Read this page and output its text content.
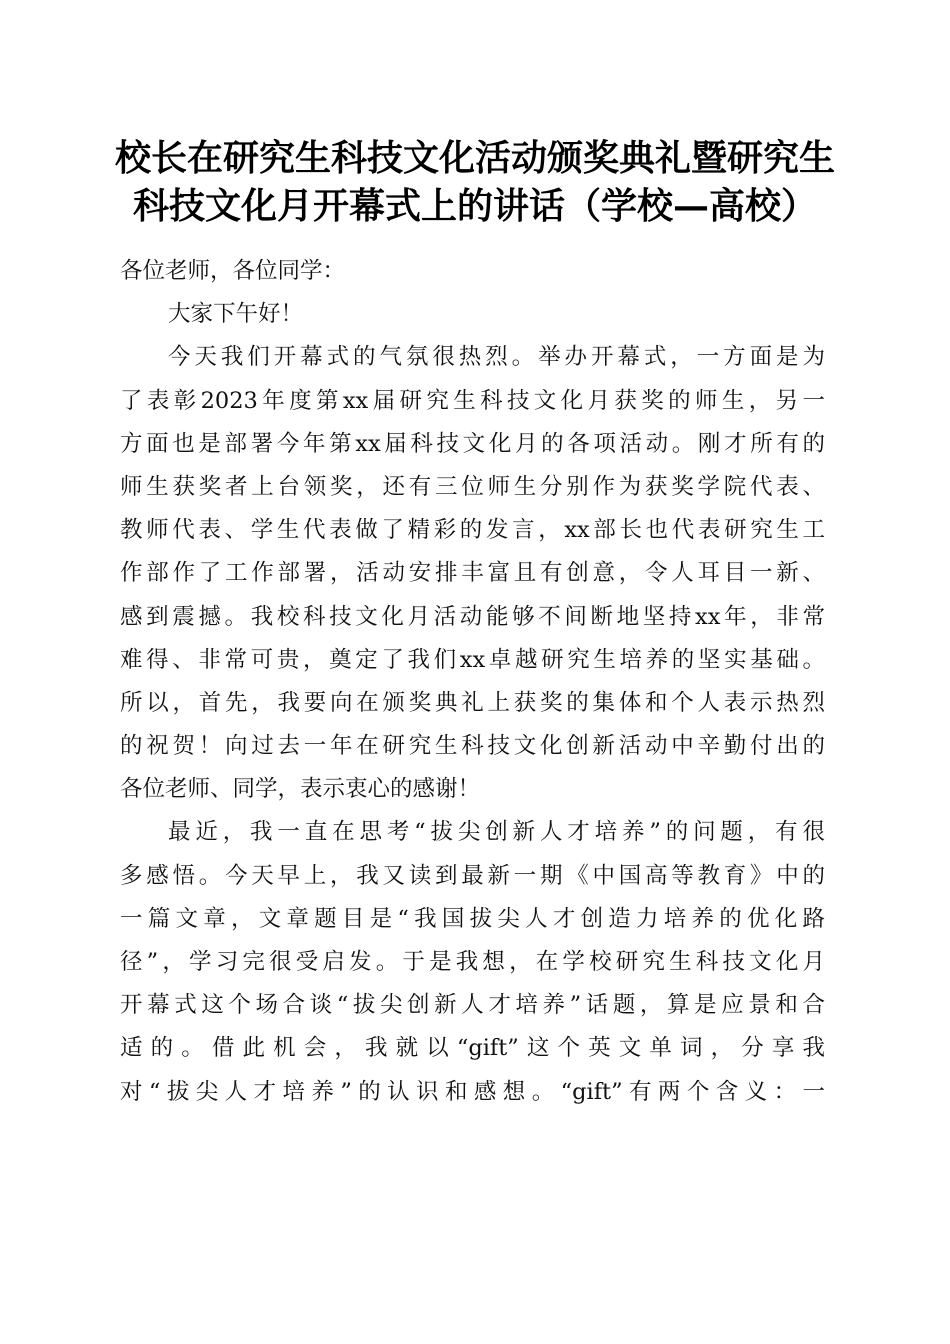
校长在研究生科技文化活动颁奖典礼暨研究生
科技文化月开幕式上的讲话（学校—高校）
各位老师，各位同学：
大家下午好！
今天我们开幕式的气氛很热烈。举办开幕式，一方面是为
了表彰2023年度第xx届研究生科技文化月获奖的师生，另一
方面也是部署今年第xx届科技文化月的各项活动。刚才所有的
师生获奖者上台领奖，还有三位师生分别作为获奖学院代表、
教师代表、学生代表做了精彩的发言，xx部长也代表研究生工
作部作了工作部署，活动安排丰富且有创意，令人耳目一新、
感到震撼。我校科技文化月活动能够不间断地坚持xx年，非常
难得、非常可贵，奠定了我们xx卓越研究生培养的坚实基础。
所以，首先，我要向在颁奖典礼上获奖的集体和个人表示热烈
的祝贺！向过去一年在研究生科技文化创新活动中辛勤付出的
各位老师、同学，表示衷心的感谢！
最近，我一直在思考“拔尖创新人才培养”的问题，有很
多感悟。今天早上，我又读到最新一期《中国高等教育》中的
一篇文章，文章题目是“我国拔尖人才创造力培养的优化路
径”，学习完很受启发。于是我想，在学校研究生科技文化月
开幕式这个场合谈“拔尖创新人才培养”话题，算是应景和合
适的。借此机会，我就以“gift”这个英文单词，分享我
对“拔尖人才培养”的认识和感想。“gift”有两个含义：一
